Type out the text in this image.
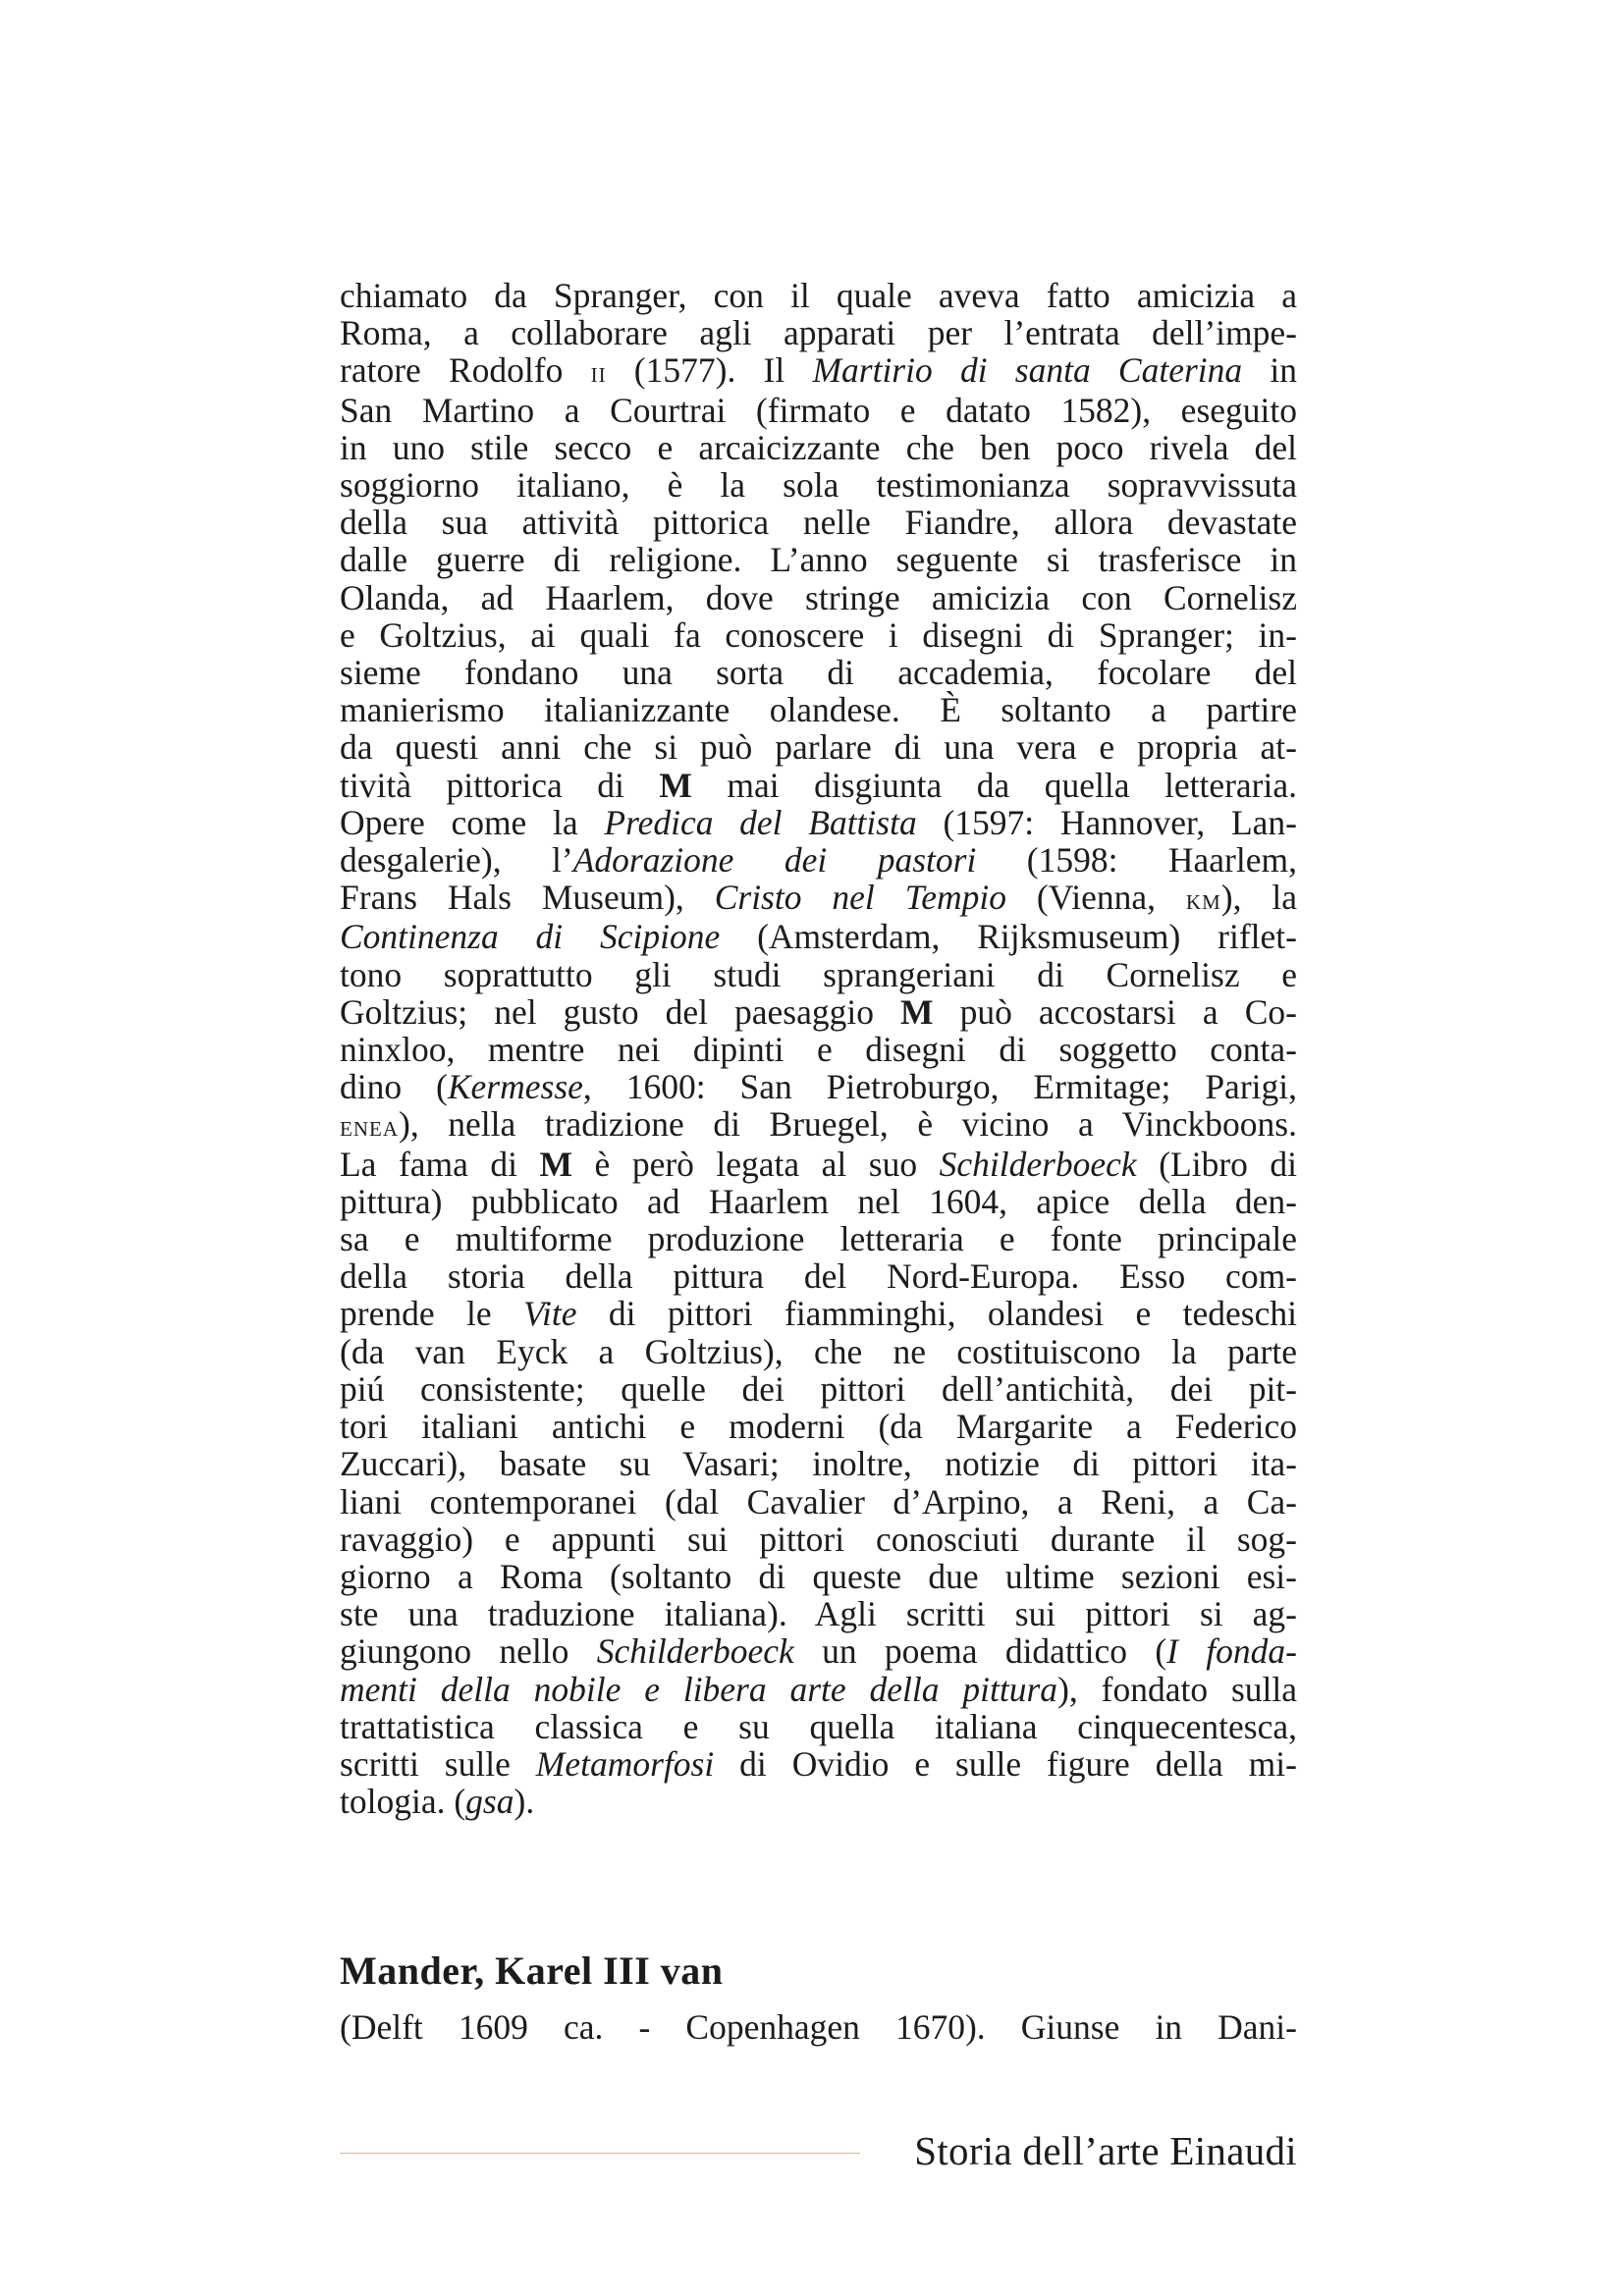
chiamato da Spranger, con il quale aveva fatto amicizia a
Roma, a collaborare agli apparati per l’entrata dell’impe-
ratore Rodolfo ii (1577). Il Martirio di santa Caterina in
San Martino a Courtrai (firmato e datato 1582), eseguito
in uno stile secco e arcaicizzante che ben poco rivela del
soggiorno italiano, è la sola testimonianza sopravvissuta
della sua attività pittorica nelle Fiandre, allora devastate
dalle guerre di religione. L’anno seguente si trasferisce in
Olanda, ad Haarlem, dove stringe amicizia con Cornelisz
e Goltzius, ai quali fa conoscere i disegni di Spranger; in-
sieme fondano una sorta di accademia, focolare del
manierismo italianizzante olandese. È soltanto a partire
da questi anni che si può parlare di una vera e propria at-
tività pittorica di M mai disgiunta da quella letteraria.
Opere come la Predica del Battista (1597: Hannover, Lan-
desgalerie), l’Adorazione dei pastori (1598: Haarlem,
Frans Hals Museum), Cristo nel Tempio (Vienna, km), la
Continenza di Scipione (Amsterdam, Rijksmuseum) riflet-
tono soprattutto gli studi sprangeriani di Cornelisz e
Goltzius; nel gusto del paesaggio M può accostarsi a Co-
ninxloo, mentre nei dipinti e disegni di soggetto conta-
dino (Kermesse, 1600: San Pietroburgo, Ermitage; Parigi,
enea), nella tradizione di Bruegel, è vicino a Vinckboons.
La fama di M è però legata al suo Schilderboeck (Libro di
pittura) pubblicato ad Haarlem nel 1604, apice della den-
sa e multiforme produzione letteraria e fonte principale
della storia della pittura del Nord-Europa. Esso com-
prende le Vite di pittori fiamminghi, olandesi e tedeschi
(da van Eyck a Goltzius), che ne costituiscono la parte
piú consistente; quelle dei pittori dell’antichità, dei pit-
tori italiani antichi e moderni (da Margarite a Federico
Zuccari), basate su Vasari; inoltre, notizie di pittori ita-
liani contemporanei (dal Cavalier d’Arpino, a Reni, a Ca-
ravaggio) e appunti sui pittori conosciuti durante il sog-
giorno a Roma (soltanto di queste due ultime sezioni esi-
ste una traduzione italiana). Agli scritti sui pittori si ag-
giungono nello Schilderboeck un poema didattico (I fonda-
menti della nobile e libera arte della pittura), fondato sulla
trattatistica classica e su quella italiana cinquecentesca,
scritti sulle Metamorfosi di Ovidio e sulle figure della mi-
tologia. (gsa).
Mander, Karel III van
(Delft 1609 ca. - Copenhagen 1670). Giunse in Dani-
Storia dell’arte Einaudi
